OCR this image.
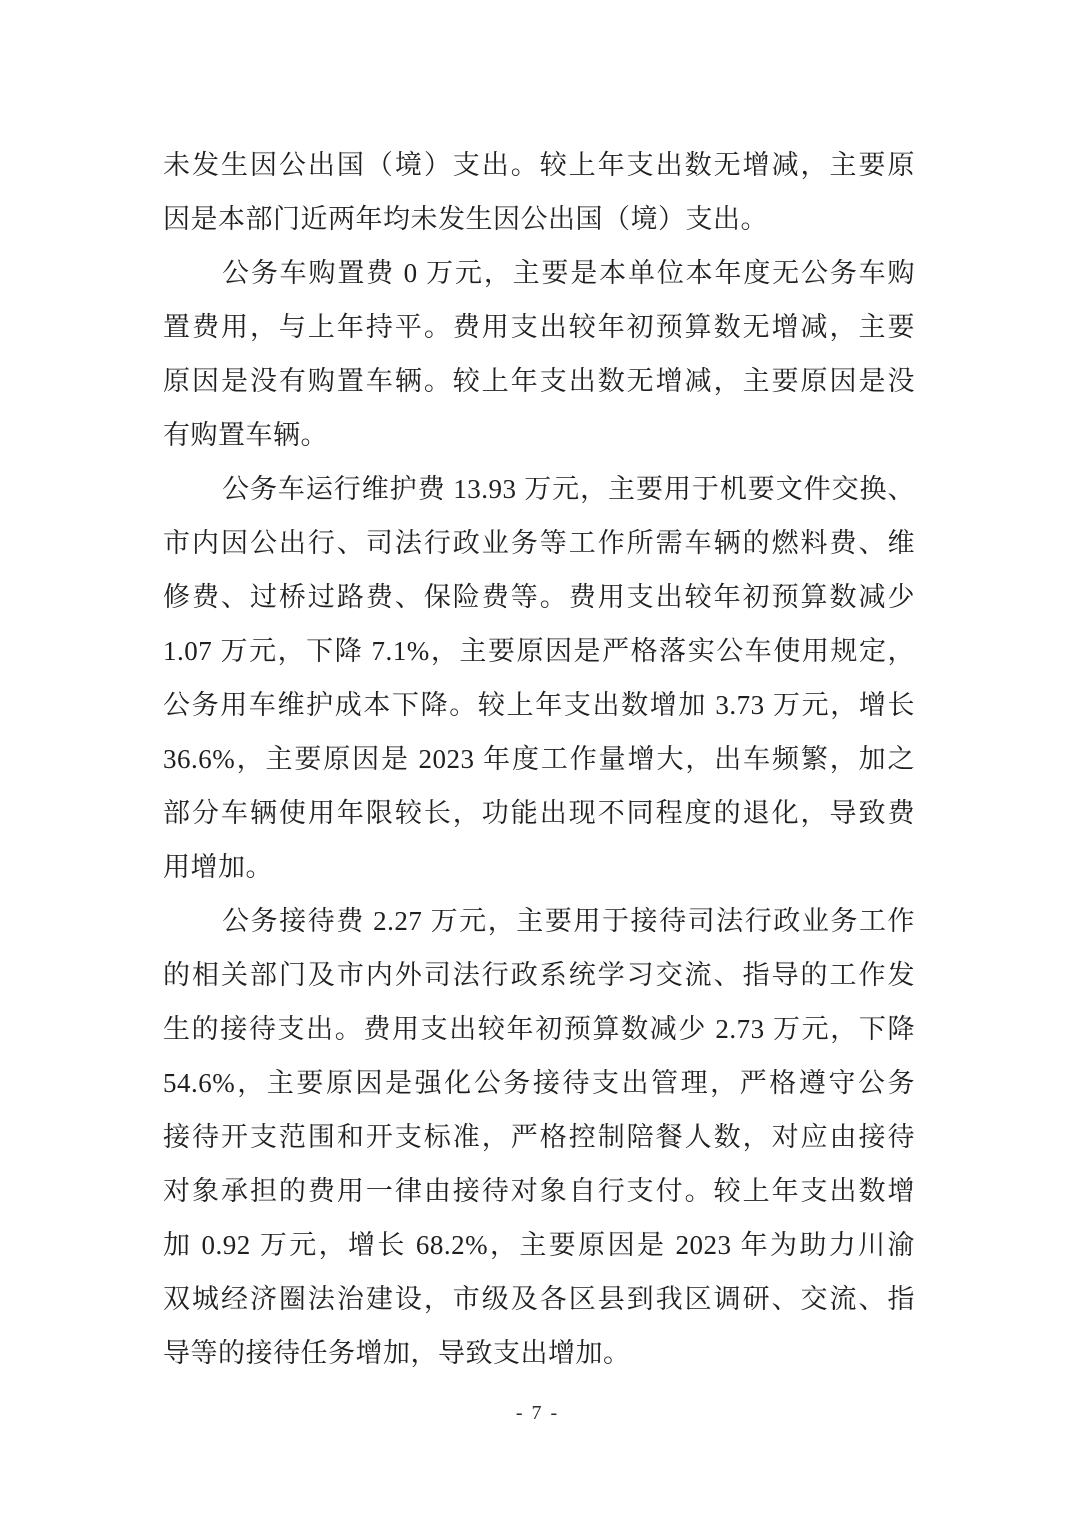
未发生因公出国（境）支出。较上年支出数无增减，主要原
因是本部门近两年均未发生因公出国（境）支出。
公务车购置费 0 万元，主要是本单位本年度无公务车购
置费用，与上年持平。费用支出较年初预算数无增减，主要
原因是没有购置车辆。较上年支出数无增减，主要原因是没
有购置车辆。
公务车运行维护费 13.93 万元，主要用于机要文件交换、
市内因公出行、司法行政业务等工作所需车辆的燃料费、维
修费、过桥过路费、保险费等。费用支出较年初预算数减少
1.07 万元，下降 7.1%，主要原因是严格落实公车使用规定，
公务用车维护成本下降。较上年支出数增加 3.73 万元，增长
36.6%，主要原因是 2023 年度工作量增大，出车频繁，加之
部分车辆使用年限较长，功能出现不同程度的退化，导致费
用增加。
公务接待费 2.27 万元，主要用于接待司法行政业务工作
的相关部门及市内外司法行政系统学习交流、指导的工作发
生的接待支出。费用支出较年初预算数减少 2.73 万元，下降
54.6%，主要原因是强化公务接待支出管理，严格遵守公务
接待开支范围和开支标准，严格控制陪餐人数，对应由接待
对象承担的费用一律由接待对象自行支付。较上年支出数增
加 0.92 万元，增长 68.2%，主要原因是 2023 年为助力川渝
双城经济圈法治建设，市级及各区县到我区调研、交流、指
导等的接待任务增加，导致支出增加。
- 7 -
